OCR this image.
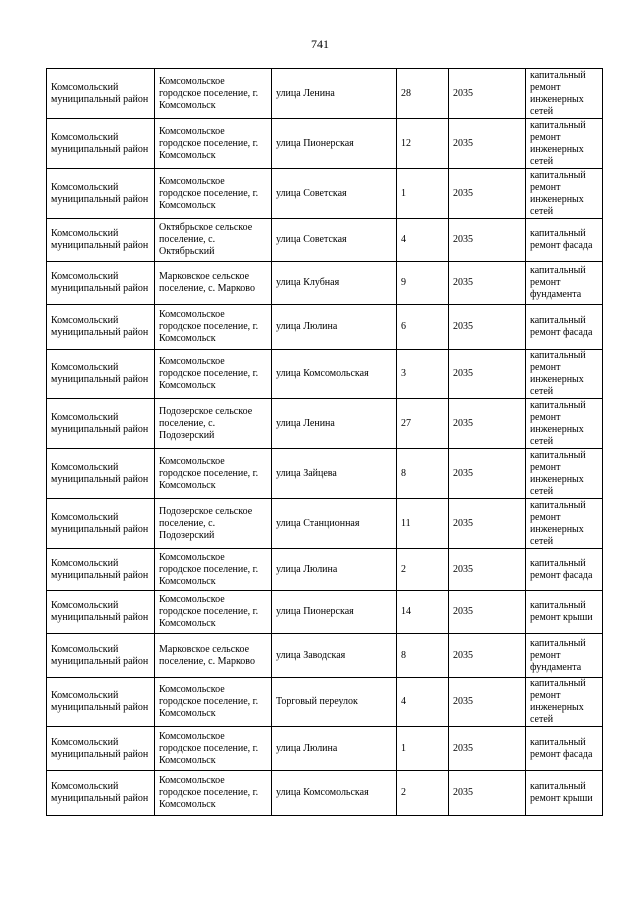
741
Комсомольский муниципальный район	Комсомольское городское поселение, г. Комсомольск	улица Ленина	28	2035	капитальный ремонт инженерных сетей
Комсомольский муниципальный район	Комсомольское городское поселение, г. Комсомольск	улица Пионерская	12	2035	капитальный ремонт инженерных сетей
Комсомольский муниципальный район	Комсомольское городское поселение, г. Комсомольск	улица Советская	1	2035	капитальный ремонт инженерных сетей
Комсомольский муниципальный район	Октябрьское сельское поселение, с. Октябрьский	улица Советская	4	2035	капитальный ремонт фасада
Комсомольский муниципальный район	Марковское сельское поселение, с. Марково	улица Клубная	9	2035	капитальный ремонт фундамента
Комсомольский муниципальный район	Комсомольское городское поселение, г. Комсомольск	улица Люлина	6	2035	капитальный ремонт фасада
Комсомольский муниципальный район	Комсомольское городское поселение, г. Комсомольск	улица Комсомольская	3	2035	капитальный ремонт инженерных сетей
Комсомольский муниципальный район	Подозерское сельское поселение, с. Подозерский	улица Ленина	27	2035	капитальный ремонт инженерных сетей
Комсомольский муниципальный район	Комсомольское городское поселение, г. Комсомольск	улица Зайцева	8	2035	капитальный ремонт инженерных сетей
Комсомольский муниципальный район	Подозерское сельское поселение, с. Подозерский	улица Станционная	11	2035	капитальный ремонт инженерных сетей
Комсомольский муниципальный район	Комсомольское городское поселение, г. Комсомольск	улица Люлина	2	2035	капитальный ремонт фасада
Комсомольский муниципальный район	Комсомольское городское поселение, г. Комсомольск	улица Пионерская	14	2035	капитальный ремонт крыши
Комсомольский муниципальный район	Марковское сельское поселение, с. Марково	улица Заводская	8	2035	капитальный ремонт фундамента
Комсомольский муниципальный район	Комсомольское городское поселение, г. Комсомольск	Торговый переулок	4	2035	капитальный ремонт инженерных сетей
Комсомольский муниципальный район	Комсомольское городское поселение, г. Комсомольск	улица Люлина	1	2035	капитальный ремонт фасада
Комсомольский муниципальный район	Комсомольское городское поселение, г. Комсомольск	улица Комсомольская	2	2035	капитальный ремонт крыши
